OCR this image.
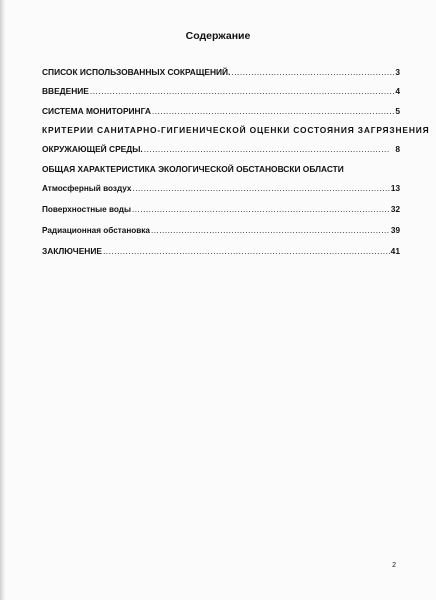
Содержание
СПИСОК ИСПОЛЬЗОВАННЫХ СОКРАЩЕНИЙ. .....	3
ВВЕДЕНИЕ .....	4
СИСТЕМА МОНИТОРИНГА .....	5
КРИТЕРИИ САНИТАРНО-ГИГИЕНИЧЕСКОЙ ОЦЕНКИ СОСТОЯНИЯ ЗАГРЯЗНЕНИЯ
ОКРУЖАЮЩЕЙ СРЕДЫ. .....	8
ОБЩАЯ ХАРАКТЕРИСТИКА ЭКОЛОГИЧЕСКОЙ ОБСТАНОВСКИ ОБЛАСТИ
Атмосферный воздух .....	13
Поверхностные воды .....	32
Радиационная обстановка .....	39
ЗАКЛЮЧЕНИЕ .....	41
2
